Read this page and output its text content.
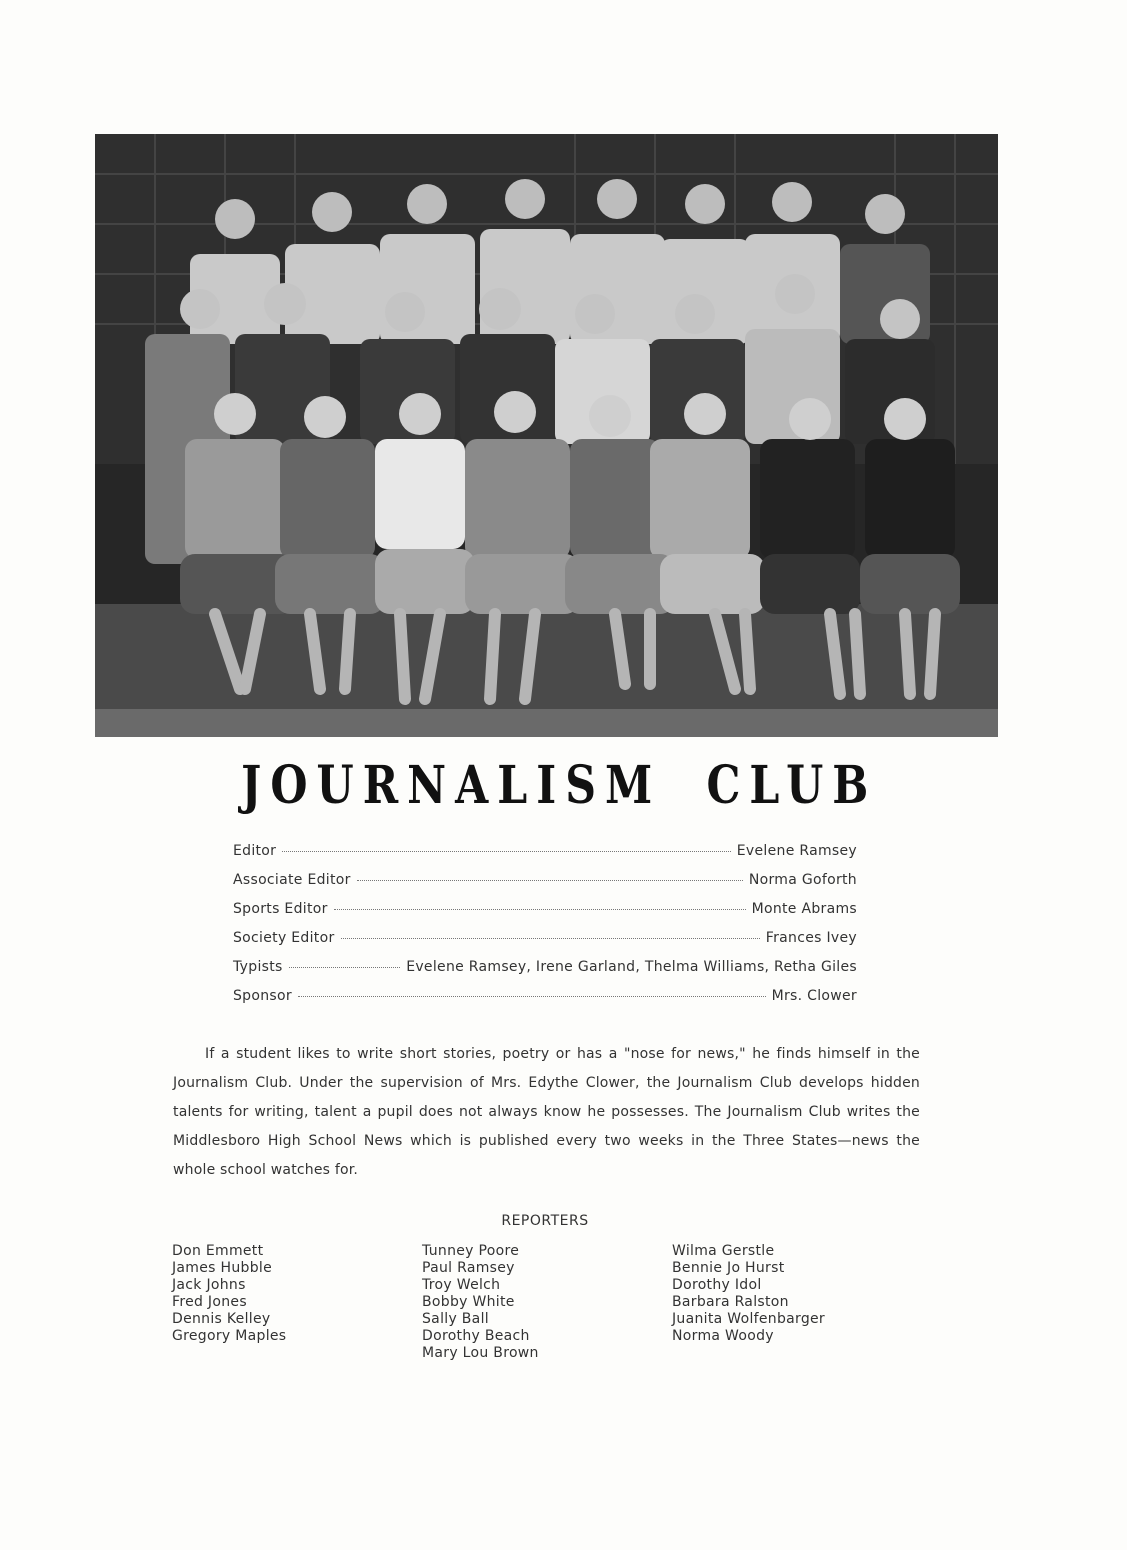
JOURNALISM CLUB
Editor	Evelene Ramsey
Associate Editor	Norma Goforth
Sports Editor	Monte Abrams
Society Editor	Frances Ivey
Typists	Evelene Ramsey, Irene Garland, Thelma Williams, Retha Giles
Sponsor	Mrs. Clower
If a student likes to write short stories, poetry or has a "nose for news," he finds himself in the Journalism Club. Under the supervision of Mrs. Edythe Clower, the Journalism Club develops hidden talents for writing, talent a pupil does not always know he possesses. The Journalism Club writes the Middlesboro High School News which is published every two weeks in the Three States—news the whole school watches for.
REPORTERS
Don Emmett
James Hubble
Jack Johns
Fred Jones
Dennis Kelley
Gregory Maples
Tunney Poore
Paul Ramsey
Troy Welch
Bobby White
Sally Ball
Dorothy Beach
Mary Lou Brown
Wilma Gerstle
Bennie Jo Hurst
Dorothy Idol
Barbara Ralston
Juanita Wolfenbarger
Norma Woody
